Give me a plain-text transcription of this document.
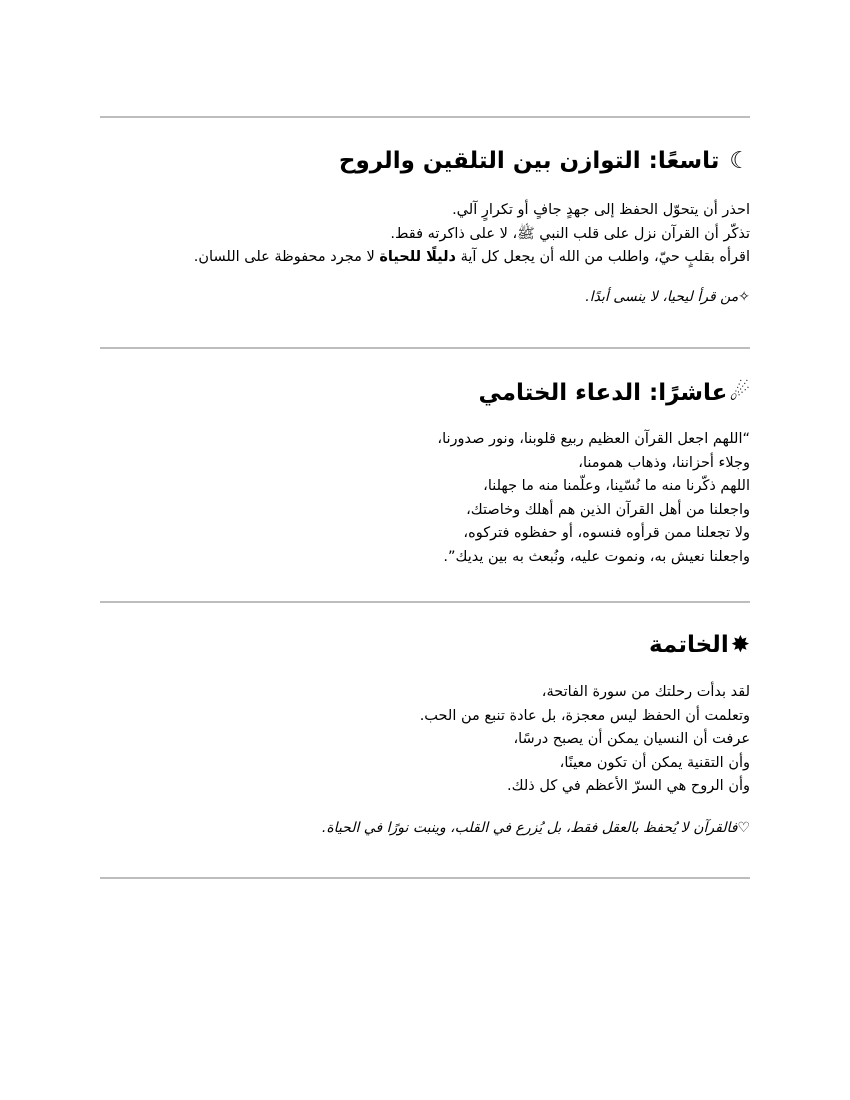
☾ تاسعًا: التوازن بين التلقين والروح
احذر أن يتحوّل الحفظ إلى جهدٍ جافٍ أو تكرارٍ آلي.
تذكّر أن القرآن نزل على قلب النبي ﷺ، لا على ذاكرته فقط.
اقرأه بقلبٍ حيّ، واطلب من الله أن يجعل كل آية دليلًا للحياة لا مجرد محفوظة على اللسان.

✧من قرأ ليحيا، لا ينسى أبدًا.

☄عاشرًا: الدعاء الختامي
“اللهم اجعل القرآن العظيم ربيع قلوبنا، ونور صدورنا،
وجلاء أحزاننا، وذهاب همومنا،
اللهم ذكّرنا منه ما نُسّينا، وعلّمنا منه ما جهلنا،
واجعلنا من أهل القرآن الذين هم أهلك وخاصتك،
ولا تجعلنا ممن قرأوه فنسوه، أو حفظوه فتركوه،
واجعلنا نعيش به، ونموت عليه، ونُبعث به بين يديك”.
✸الخاتمة
لقد بدأت رحلتك من سورة الفاتحة،
وتعلمت أن الحفظ ليس معجزة، بل عادة تنبع من الحب.
عرفت أن النسيان يمكن أن يصبح درسًا،
وأن التقنية يمكن أن تكون معينًا،
وأن الروح هي السرّ الأعظم في كل ذلك.

♡فالقرآن لا يُحفظ بالعقل فقط، بل يُزرع في القلب، وينبت نورًا في الحياة.
